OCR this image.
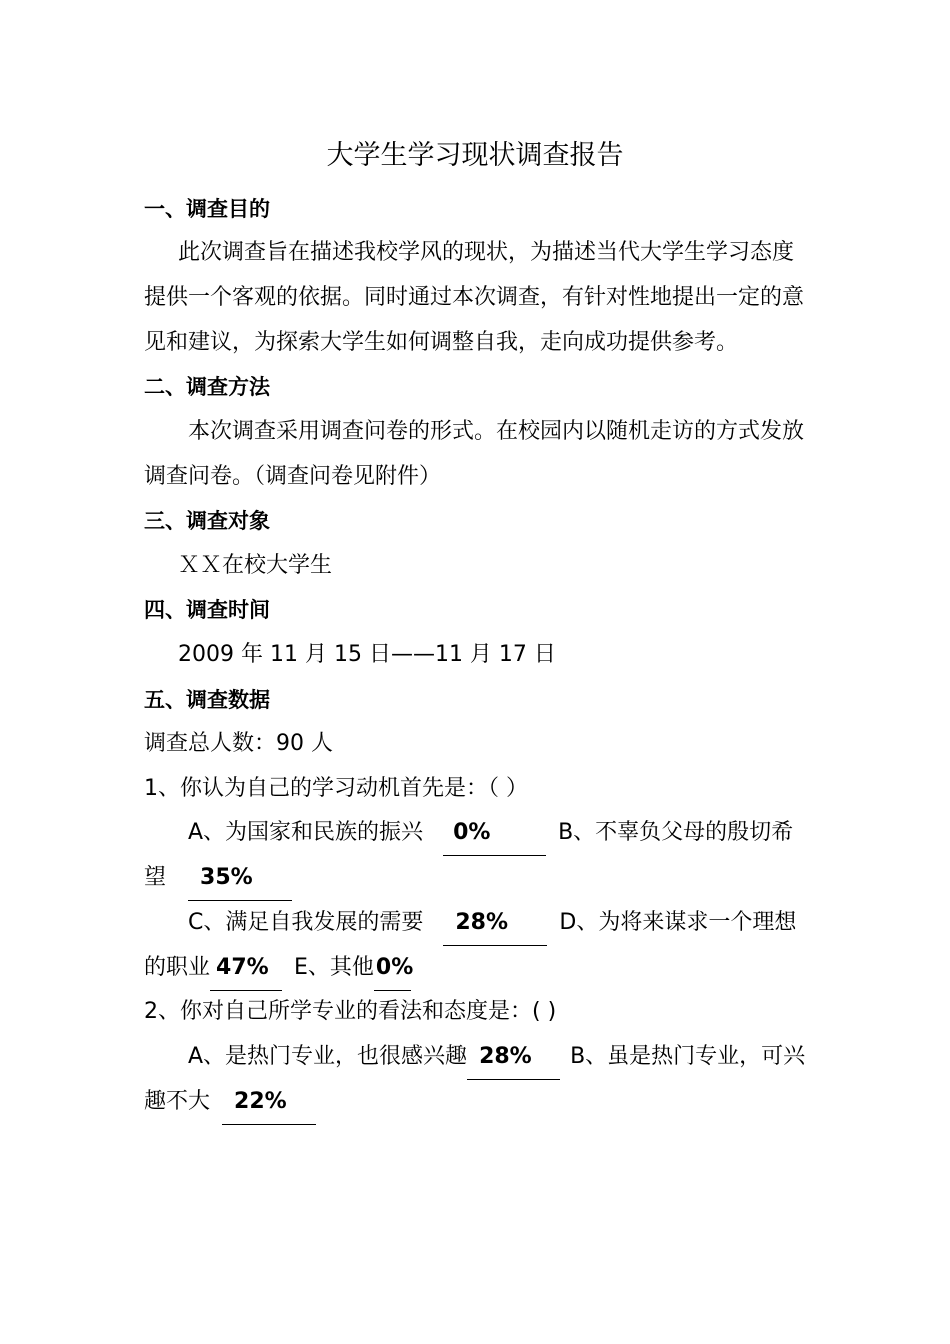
大学生学习现状调查报告
一、调查目的
此次调查旨在描述我校学风的现状，为描述当代大学生学习态度
提供一个客观的依据。同时通过本次调查，有针对性地提出一定的意
见和建议，为探索大学生如何调整自我，走向成功提供参考。
二、调查方法
本次调查采用调查问卷的形式。在校园内以随机走访的方式发放
调查问卷。（调查问卷见附件）
三、调查对象
ＸＸ在校大学生
四、调查时间
2009 年 11 月 15 日——11 月 17 日
五、调查数据
调查总人数：90 人
1、你认为自己的学习动机首先是：（ ）
A、为国家和民族的振兴 0%	B、不辜负父母的殷切希
望 35%
C、满足自我发展的需要 28% D、为将来谋求一个理想
的职业 47% E、其他0%
2、你对自己所学专业的看法和态度是：( )
A、是热门专业，也很感兴趣 28% B、虽是热门专业，可兴
趣不大 22%
